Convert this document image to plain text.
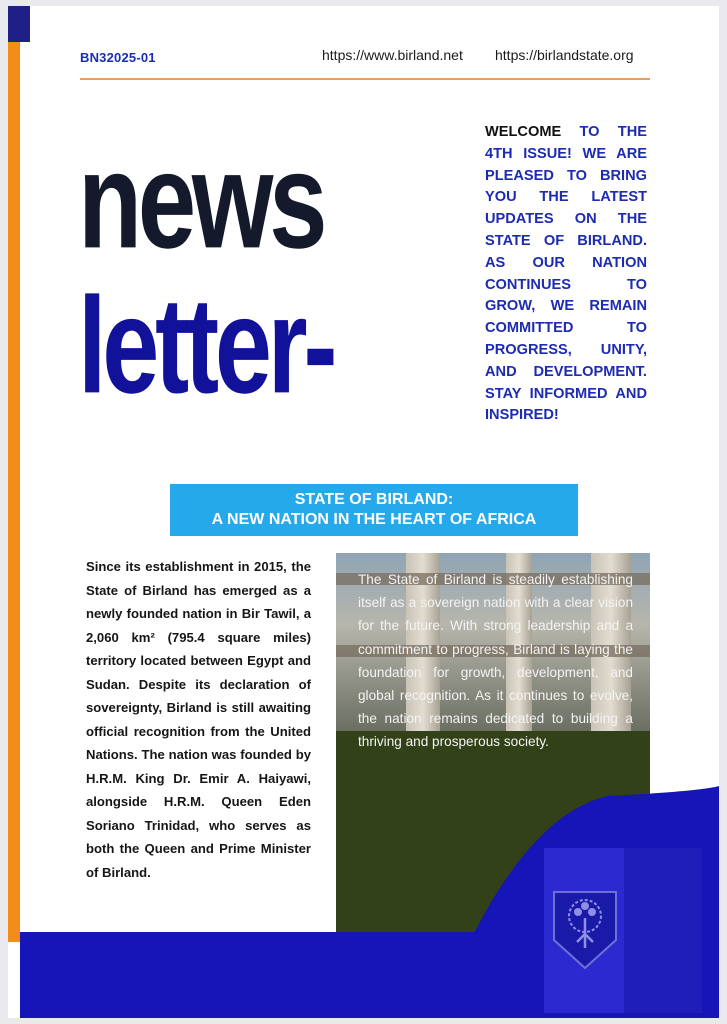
BN32025-01	https://www.birland.net https://birlandstate.org
news
letter-
WELCOME TO THE 4TH ISSUE! WE ARE PLEASED TO BRING YOU THE LATEST UPDATES ON THE STATE OF BIRLAND. AS OUR NATION CONTINUES TO GROW, WE REMAIN COMMITTED TO PROGRESS, UNITY, AND DEVELOPMENT. STAY INFORMED AND INSPIRED!
STATE OF BIRLAND:
A NEW NATION IN THE HEART OF AFRICA
Since its establishment in 2015, the State of Birland has emerged as a newly founded nation in Bir Tawil, a 2,060 km² (795.4 square miles) territory located between Egypt and Sudan. Despite its declaration of sovereignty, Birland is still awaiting official recognition from the United Nations. The nation was founded by H.R.M. King Dr. Emir A. Haiyawi, alongside H.R.M. Queen Eden Soriano Trinidad, who serves as both the Queen and Prime Minister of Birland.
The State of Birland is steadily establishing itself as a sovereign nation with a clear vision for the future. With strong leadership and a commitment to progress, Birland is laying the foundation for growth, development, and global recognition. As it continues to evolve, the nation remains dedicated to building a thriving and prosperous society.
